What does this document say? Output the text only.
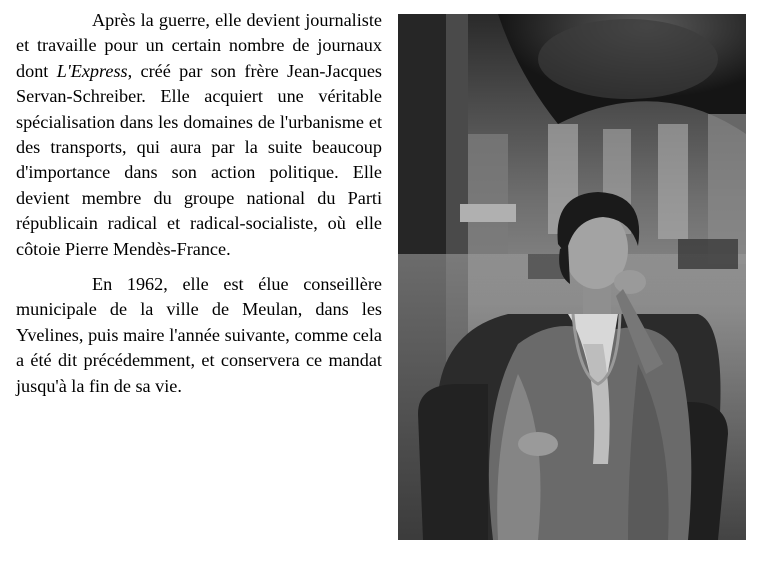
Après la guerre, elle devient journaliste et travaille pour un certain nombre de journaux dont L'Express, créé par son frère Jean-Jacques Servan-Schreiber. Elle acquiert une véritable spécialisation dans les domaines de l'urbanisme et des transports, qui aura par la suite beaucoup d'importance dans son action politique. Elle devient membre du groupe national du Parti républicain radical et radical-socialiste, où elle côtoie Pierre Mendès-France.

En 1962, elle est élue conseillère municipale de la ville de Meulan, dans les Yvelines, puis maire l'année suivante, comme cela a été dit précédemment, et conservera ce mandat jusqu'à la fin de sa vie.
